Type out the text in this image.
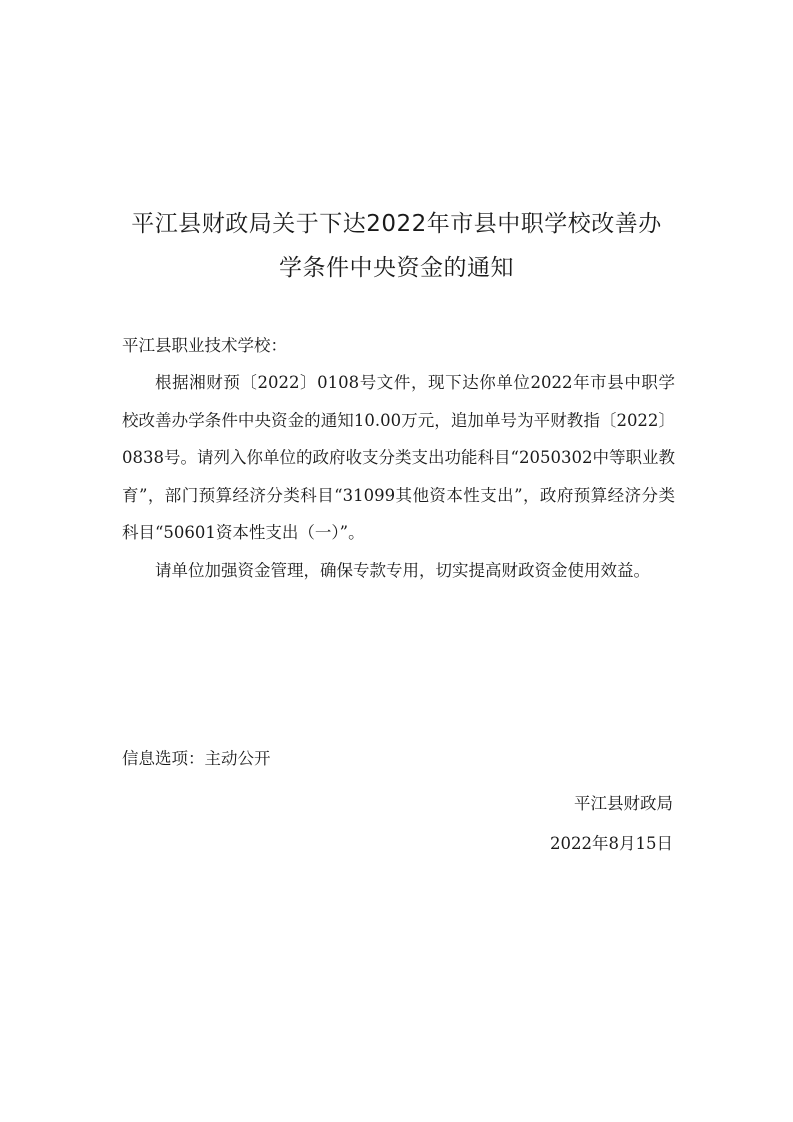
平江县财政局关于下达2022年市县中职学校改善办
学条件中央资金的通知

平江县职业技术学校：

根据湘财预〔2022〕0108号文件，现下达你单位2022年市县中职学校改善办学条件中央资金的通知10.00万元，追加单号为平财教指〔2022〕0838号。请列入你单位的政府收支分类支出功能科目“2050302中等职业教育”，部门预算经济分类科目“31099其他资本性支出”，政府预算经济分类科目“50601资本性支出（一）”。

请单位加强资金管理，确保专款专用，切实提高财政资金使用效益。

信息选项：主动公开

平江县财政局

2022年8月15日
